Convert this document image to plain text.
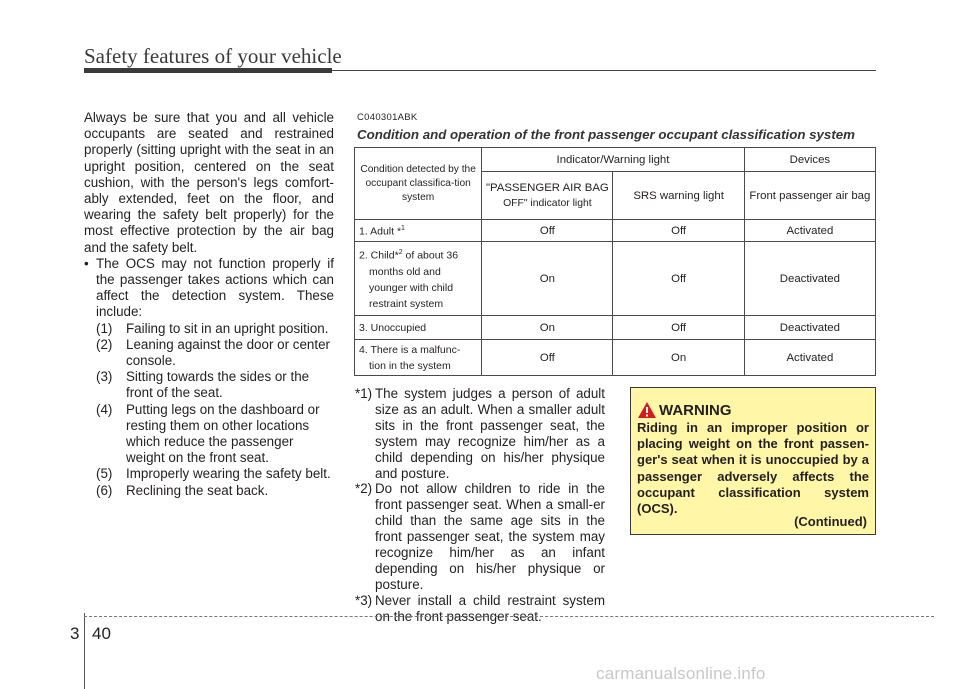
Safety features of your vehicle

Always be sure that you and all vehicle occupants are seated and restrained properly (sitting upright with the seat in an upright position, centered on the seat cushion, with the person's legs comfort-ably extended, feet on the floor, and wearing the safety belt properly) for the most effective protection by the air bag and the safety belt.

• The OCS may not function properly if the passenger takes actions which can affect the detection system. These include:
(1) Failing to sit in an upright position.
(2) Leaning against the door or center console.
(3) Sitting towards the sides or the front of the seat.
(4) Putting legs on the dashboard or resting them on other locations which reduce the passenger weight on the front seat.
(5) Improperly wearing the safety belt.
(6) Reclining the seat back.
C040301ABK
Condition and operation of the front passenger occupant classification system
Condition detected by the occupant classifica-tion system	Indicator/Warning light		Devices
	"PASSENGER AIR BAG
OFF" indicator light	SRS warning light	Front passenger air bag
1. Adult *$^1$	Off	Off	Activated
2. Child*$^2$ of about 36
months old and
younger with child
restraint system	On	Off	Deactivated
3. Unoccupied	On	Off	Deactivated
4. There is a malfunc-
tion in the system	Off	On	Activated
*1) The system judges a person of adult size as an adult. When a smaller adult sits in the front passenger seat, the system may recognize him/her as a child depending on his/her physique and posture.
*2) Do not allow children to ride in the front passenger seat. When a small-er child than the same age sits in the front passenger seat, the system may recognize him/her as an infant depending on his/her physique or posture.
*3) Never install a child restraint system on the front passenger seat.
WARNING
Riding in an improper position or placing weight on the front passen-ger's seat when it is unoccupied by a passenger adversely affects the occupant classification system (OCS).
(Continued)
3 40
carmanualsonline.info
